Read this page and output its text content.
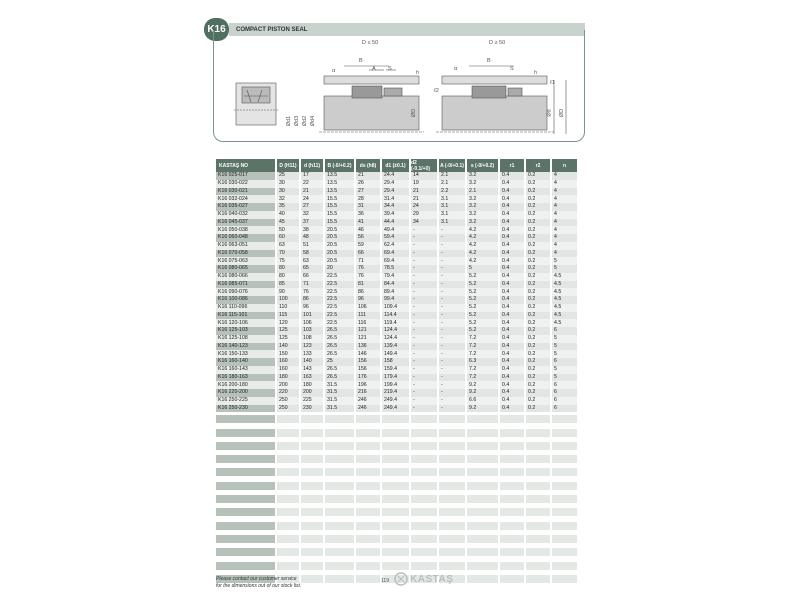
K16	COMPACT PISTON SEAL
D ≤ 50	D ≥ 50
B
A S
α	α
B
S
h
Ød1 Ød3 Ød2 Ød4
ØD	ØD
Ød
ℓ2
ℓ1
h
KASTAŞ NO	D (H11)	d (h11)	B (-0/+0.2)	ds (h8)	d1 (±0.1)	d2 (-0.1/+0)	A (-0/+0.1)	s (-0/+0.2)	r1	r2	n
K16 025-017	25	17	13.5	21	24.4	14	2.1	3.2	0.4	0.2	4
K16 030-022	30	22	13.5	26	29.4	19	2.1	3.2	0.4	0.2	4
K16 030-021	30	21	13.5	27	29.4	21	2.2	2.1	0.4	0.2	4
K16 032-024	32	24	15.5	28	31.4	21	3.1	3.2	0.4	0.2	4
K16 035-027	35	27	15.5	31	34.4	24	3.1	3.2	0.4	0.2	4
K16 040-032	40	32	15.5	36	39.4	29	3.1	3.2	0.4	0.2	4
K16 045-037	45	37	15.5	41	44.4	34	3.1	3.2	0.4	0.2	4
K16 050-038	50	38	20.5	46	49.4	-	-	4.2	0.4	0.2	4
K16 060-048	60	48	20.5	56	59.4	-	-	4.2	0.4	0.2	4
K16 063-051	63	51	20.5	59	62.4	-	-	4.2	0.4	0.2	4
K16 070-058	70	58	20.5	66	69.4	-	-	4.2	0.4	0.2	4
K16 075-063	75	63	20.5	71	69.4	-	-	4.2	0.4	0.2	5
K16 080-065	80	65	20	76	78.5	-	-	5	0.4	0.2	5
K16 080-066	80	66	22.5	76	79.4	-	-	5.2	0.4	0.2	4.5
K16 085-071	85	71	22.5	81	84.4	-	-	5.2	0.4	0.2	4.5
K16 090-076	90	76	22.5	86	89.4	-	-	5.2	0.4	0.2	4.5
K16 100-086	100	86	22.5	96	99.4	-	-	5.2	0.4	0.2	4.5
K16 110-096	110	96	22.5	106	109.4	-	-	5.2	0.4	0.2	4.5
K16 115-101	115	101	22.5	111	114.4	-	-	5.2	0.4	0.2	4.5
K16 120-106	120	106	22.5	116	119.4	-	-	5.2	0.4	0.2	4.5
K16 125-103	125	103	26.5	121	124.4	-	-	5.2	0.4	0.2	6
K16 125-108	125	108	26.5	121	124.4	-	-	7.2	0.4	0.2	5
K16 140-123	140	123	26.5	136	139.4	-	-	7.2	0.4	0.2	5
K16 150-133	150	133	26.5	146	149.4	-	-	7.2	0.4	0.2	5
K16 160-140	160	140	25	156	158	-	-	6.3	0.4	0.2	6
K16 160-143	160	143	26.5	156	159.4	-	-	7.2	0.4	0.2	5
K16 180-163	180	163	26.5	176	179.4	-	-	7.2	0.4	0.2	5
K16 200-180	200	180	31.5	196	199.4	-	-	9.2	0.4	0.2	6
K16 220-200	220	200	31.5	216	219.4	-	-	9.2	0.4	0.2	6
K16 250-225	250	225	31.5	246	249.4	-	-	6.6	0.4	0.2	6
K16 250-230	250	230	31.5	246	249.4	-	-	9.2	0.4	0.2	6
Please contact our customer service
for the dimensions out of our stock list.
119 KASTAŞ
